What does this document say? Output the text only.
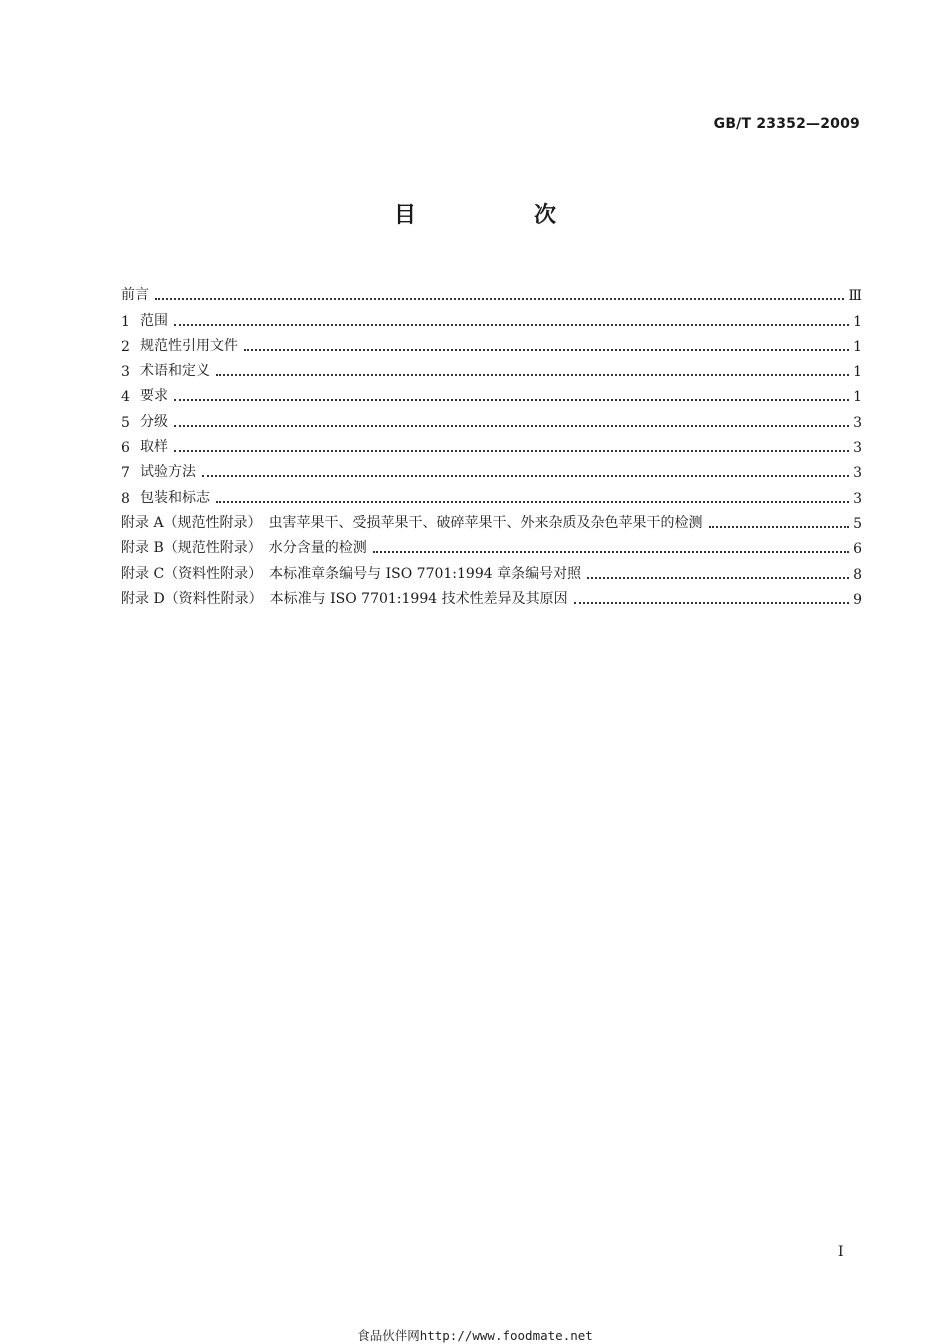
GB/T 23352—2009
目　次
前言	Ⅲ
1 范围	1
2 规范性引用文件	1
3 术语和定义	1
4 要求	1
5 分级	3
6 取样	3
7 试验方法	3
8 包装和标志	3
附录 A（规范性附录）　虫害苹果干、受损苹果干、破碎苹果干、外来杂质及杂色苹果干的检测	5
附录 B（规范性附录）　水分含量的检测	6
附录 C（资料性附录）　本标准章条编号与 ISO 7701:1994 章条编号对照	8
附录 D（资料性附录）　本标准与 ISO 7701:1994 技术性差异及其原因	9
I
食品伙伴网http://www.foodmate.net
